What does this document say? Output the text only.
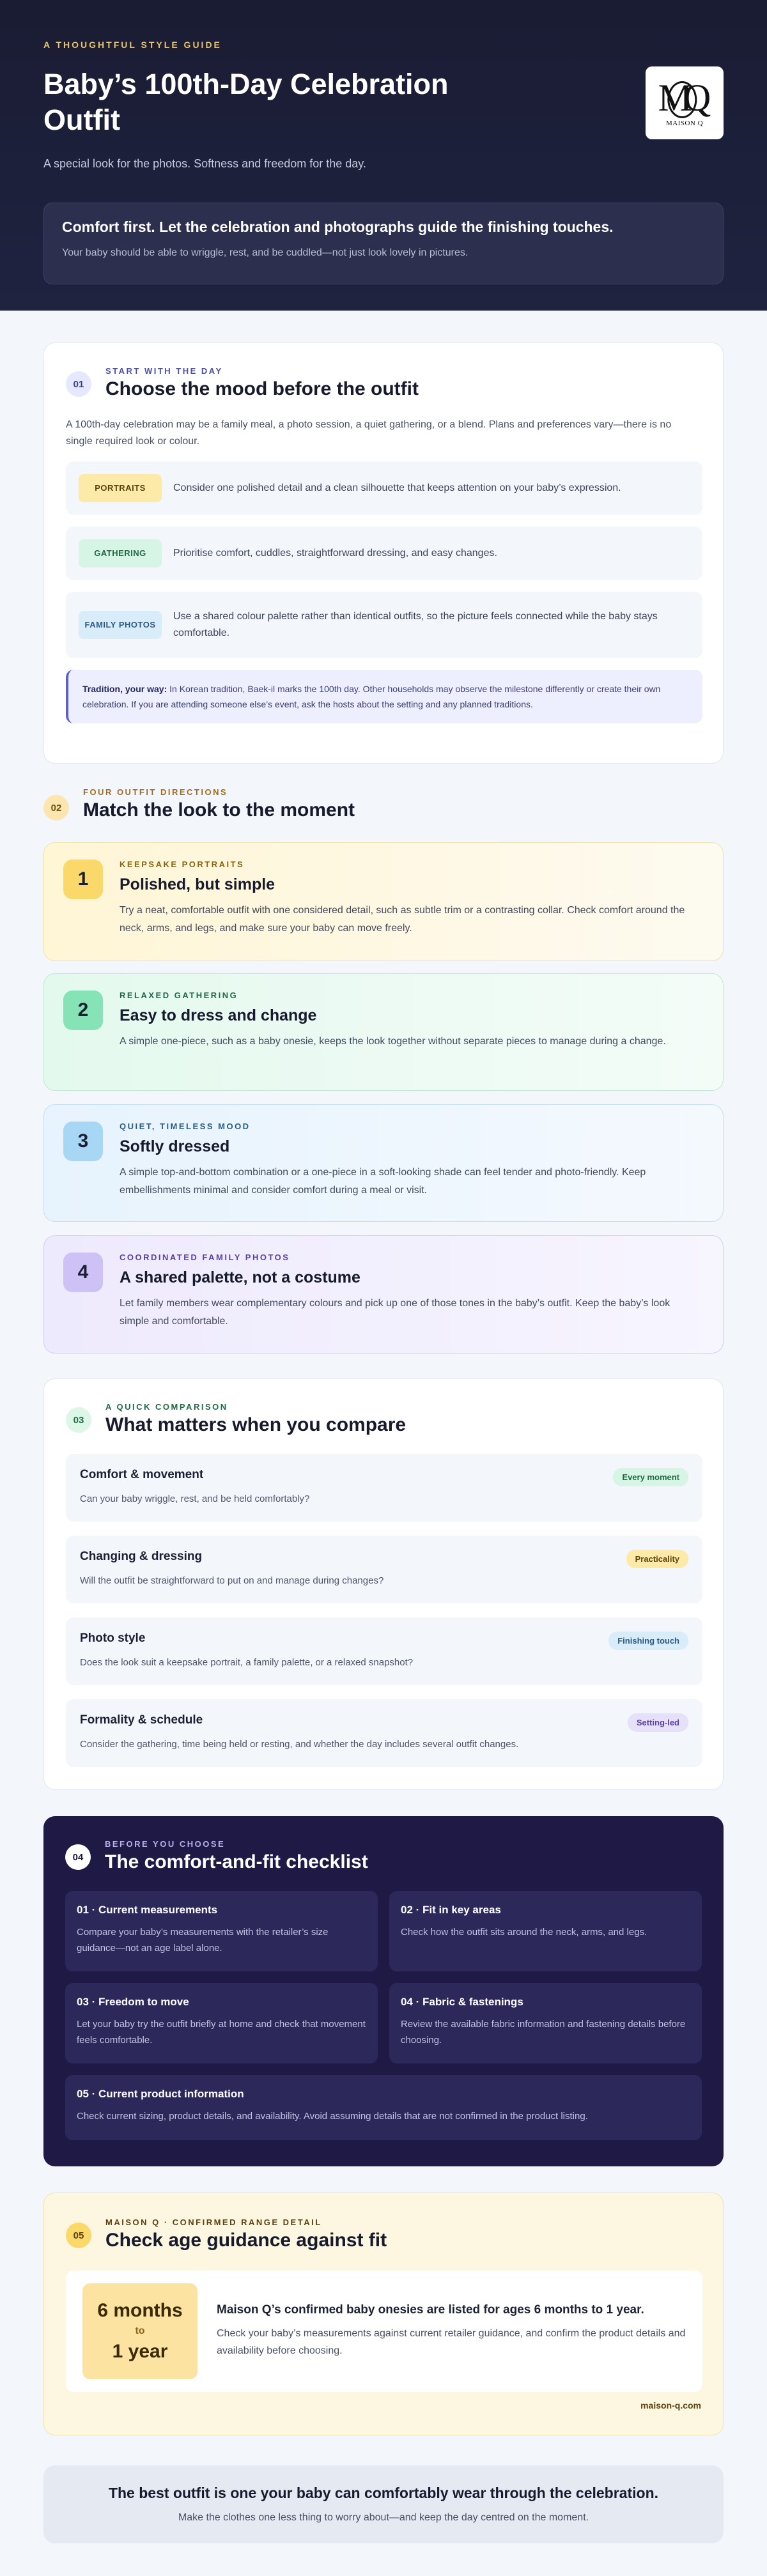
A THOUGHTFUL STYLE GUIDE
Baby’s 100th-Day Celebration Outfit

A special look for the photos. Softness and freedom for the day.

MQ
MAISON Q
Comfort first. Let the celebration and photographs guide the finishing touches.
Your baby should be able to wriggle, rest, and be cuddled—not just look lovely in pictures.
01
START WITH THE DAY
Choose the mood before the outfit

A 100th-day celebration may be a family meal, a photo session, a quiet gathering, or a blend. Plans and preferences vary—there is no single required look or colour.

PORTRAITS	Consider one polished detail and a clean silhouette that keeps attention on your baby’s expression.
GATHERING	Prioritise comfort, cuddles, straightforward dressing, and easy changes.
FAMILY PHOTOS
Use a shared colour palette rather than identical outfits, so the picture feels connected while the baby stays comfortable.
Tradition, your way: In Korean tradition, Baek-il marks the 100th day. Other households may observe the milestone differently or create their own celebration. If you are attending someone else’s event, ask the hosts about the setting and any planned traditions.
02
FOUR OUTFIT DIRECTIONS
Match the look to the moment
1
KEEPSAKE PORTRAITS
Polished, but simple

Try a neat, comfortable outfit with one considered detail, such as subtle trim or a contrasting collar. Check comfort around the neck, arms, and legs, and make sure your baby can move freely.

2
RELAXED GATHERING
Easy to dress and change

A simple one-piece, such as a baby onesie, keeps the look together without separate pieces to manage during a change.

3
QUIET, TIMELESS MOOD
Softly dressed

A simple top-and-bottom combination or a one-piece in a soft-looking shade can feel tender and photo-friendly. Keep embellishments minimal and consider comfort during a meal or visit.

4
COORDINATED FAMILY PHOTOS
A shared palette, not a costume

Let family members wear complementary colours and pick up one of those tones in the baby’s outfit. Keep the baby’s look simple and comfortable.

03
A QUICK COMPARISON
What matters when you compare
Comfort & movement
Can your baby wriggle, rest, and be held comfortably?
Every moment
Changing & dressing
Will the outfit be straightforward to put on and manage during changes?
Practicality
Photo style
Does the look suit a keepsake portrait, a family palette, or a relaxed snapshot?
Finishing touch
Formality & schedule
Consider the gathering, time being held or resting, and whether the day includes several outfit changes.
Setting-led
04
BEFORE YOU CHOOSE
The comfort-and-fit checklist
01 · Current measurements
Compare your baby’s measurements with the retailer’s size guidance—not an age label alone.
02 · Fit in key areas
Check how the outfit sits around the neck, arms, and legs.
03 · Freedom to move
Let your baby try the outfit briefly at home and check that movement feels comfortable.
04 · Fabric & fastenings
Review the available fabric information and fastening details before choosing.
05 · Current product information
Check current sizing, product details, and availability. Avoid assuming details that are not confirmed in the product listing.
05
MAISON Q · CONFIRMED RANGE DETAIL
Check age guidance against fit
6 months
to
1 year
Maison Q’s confirmed baby onesies are listed for ages 6 months to 1 year.
Check your baby’s measurements against current retailer guidance, and confirm the product details and availability before choosing.
maison-q.com
The best outfit is one your baby can comfortably wear through the celebration.
Make the clothes one less thing to worry about—and keep the day centred on the moment.
